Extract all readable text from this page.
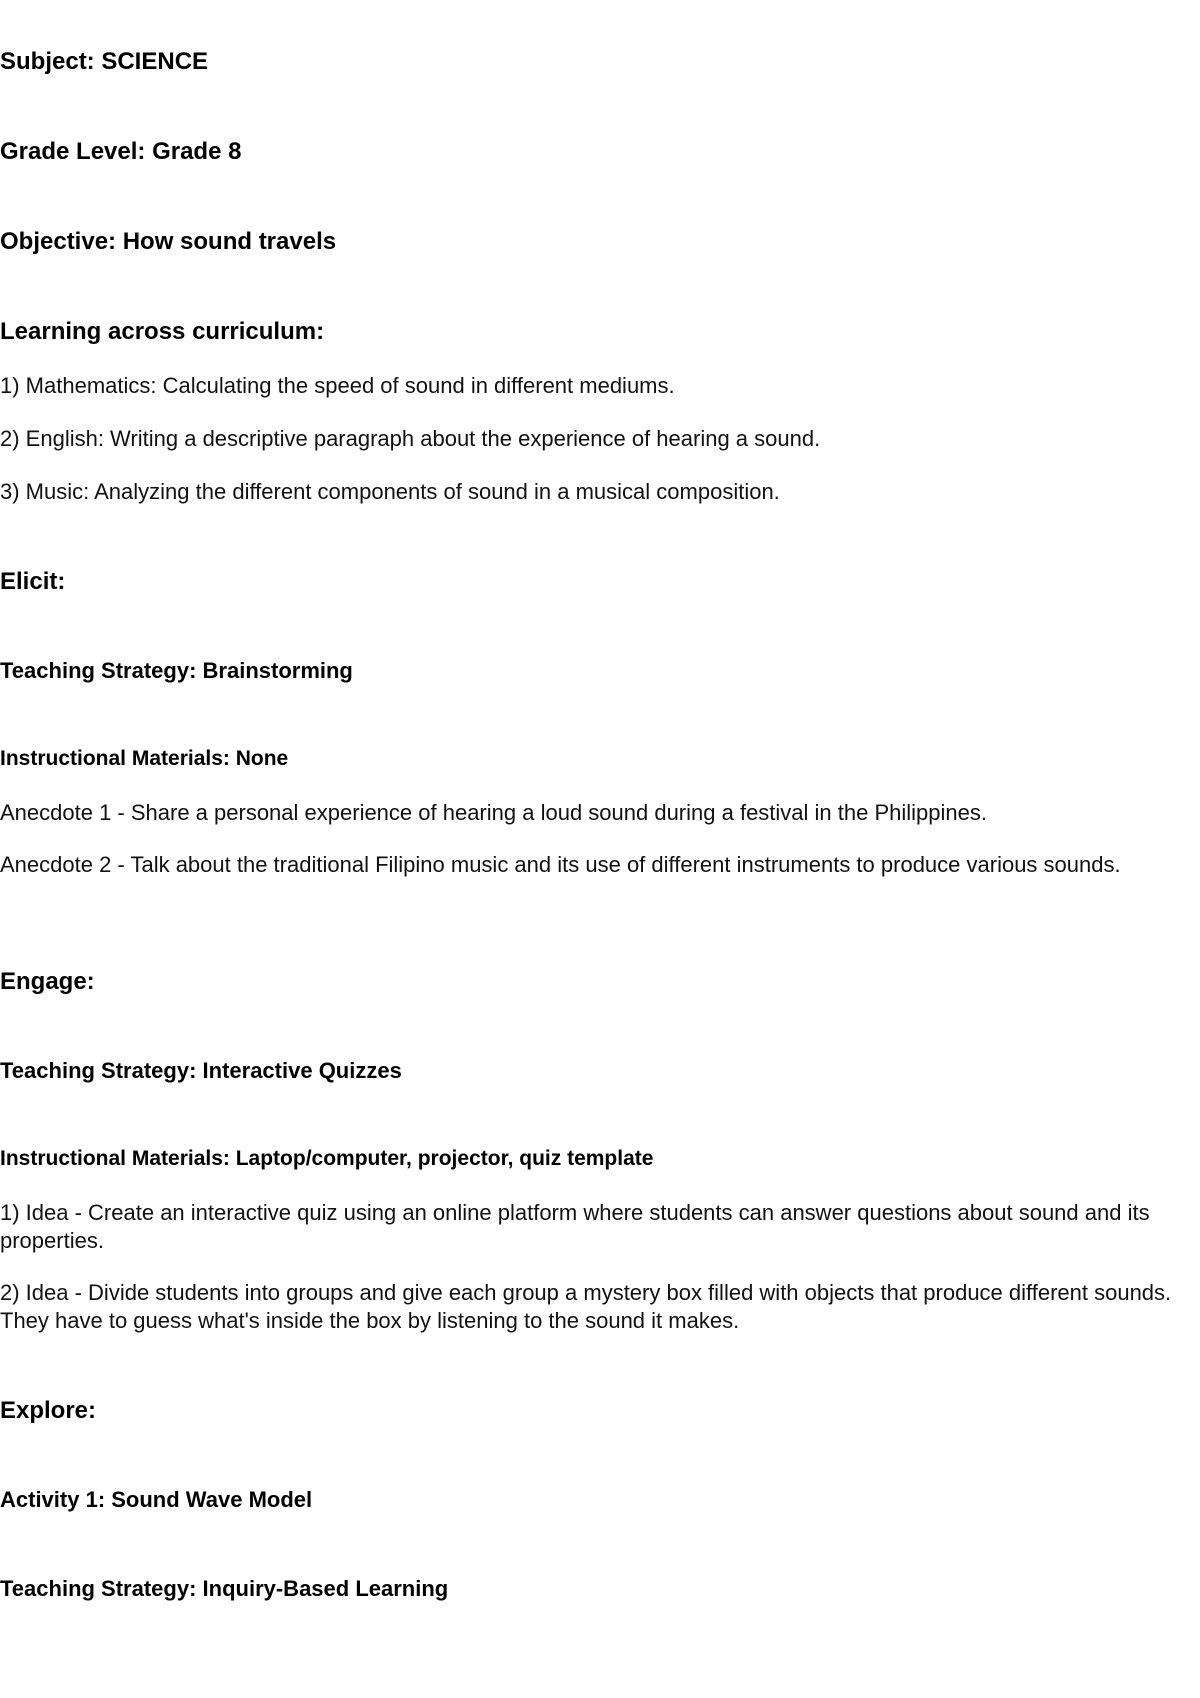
Subject: SCIENCE

Grade Level: Grade 8

Objective: How sound travels

Learning across curriculum:

1) Mathematics: Calculating the speed of sound in different mediums.

2) English: Writing a descriptive paragraph about the experience of hearing a sound.

3) Music: Analyzing the different components of sound in a musical composition.

Elicit:

Teaching Strategy: Brainstorming

Instructional Materials: None

Anecdote 1 - Share a personal experience of hearing a loud sound during a festival in the Philippines.

Anecdote 2 - Talk about the traditional Filipino music and its use of different instruments to produce various sounds.

Engage:

Teaching Strategy: Interactive Quizzes

Instructional Materials: Laptop/computer, projector, quiz template

1) Idea - Create an interactive quiz using an online platform where students can answer questions about sound and its properties.

2) Idea - Divide students into groups and give each group a mystery box filled with objects that produce different sounds. They have to guess what's inside the box by listening to the sound it makes.

Explore:

Activity 1: Sound Wave Model

Teaching Strategy: Inquiry-Based Learning
